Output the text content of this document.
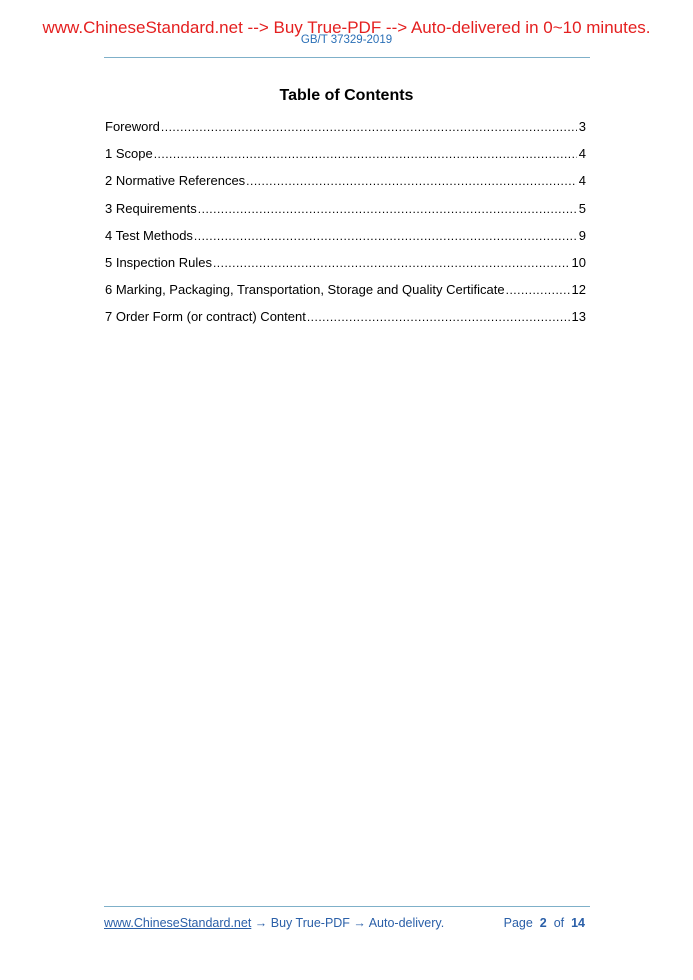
www.ChineseStandard.net --> Buy True-PDF --> Auto-delivered in 0~10 minutes.
GB/T 37329-2019
Table of Contents
Foreword .....	3
1 Scope .....	4
2 Normative References .....	4
3 Requirements .....	5
4 Test Methods .....	9
5 Inspection Rules .....	10
6 Marking, Packaging, Transportation, Storage and Quality Certificate .....	12
7 Order Form (or contract) Content .....	13
www.ChineseStandard.net → Buy True-PDF → Auto-delivery.	Page 2 of 14
